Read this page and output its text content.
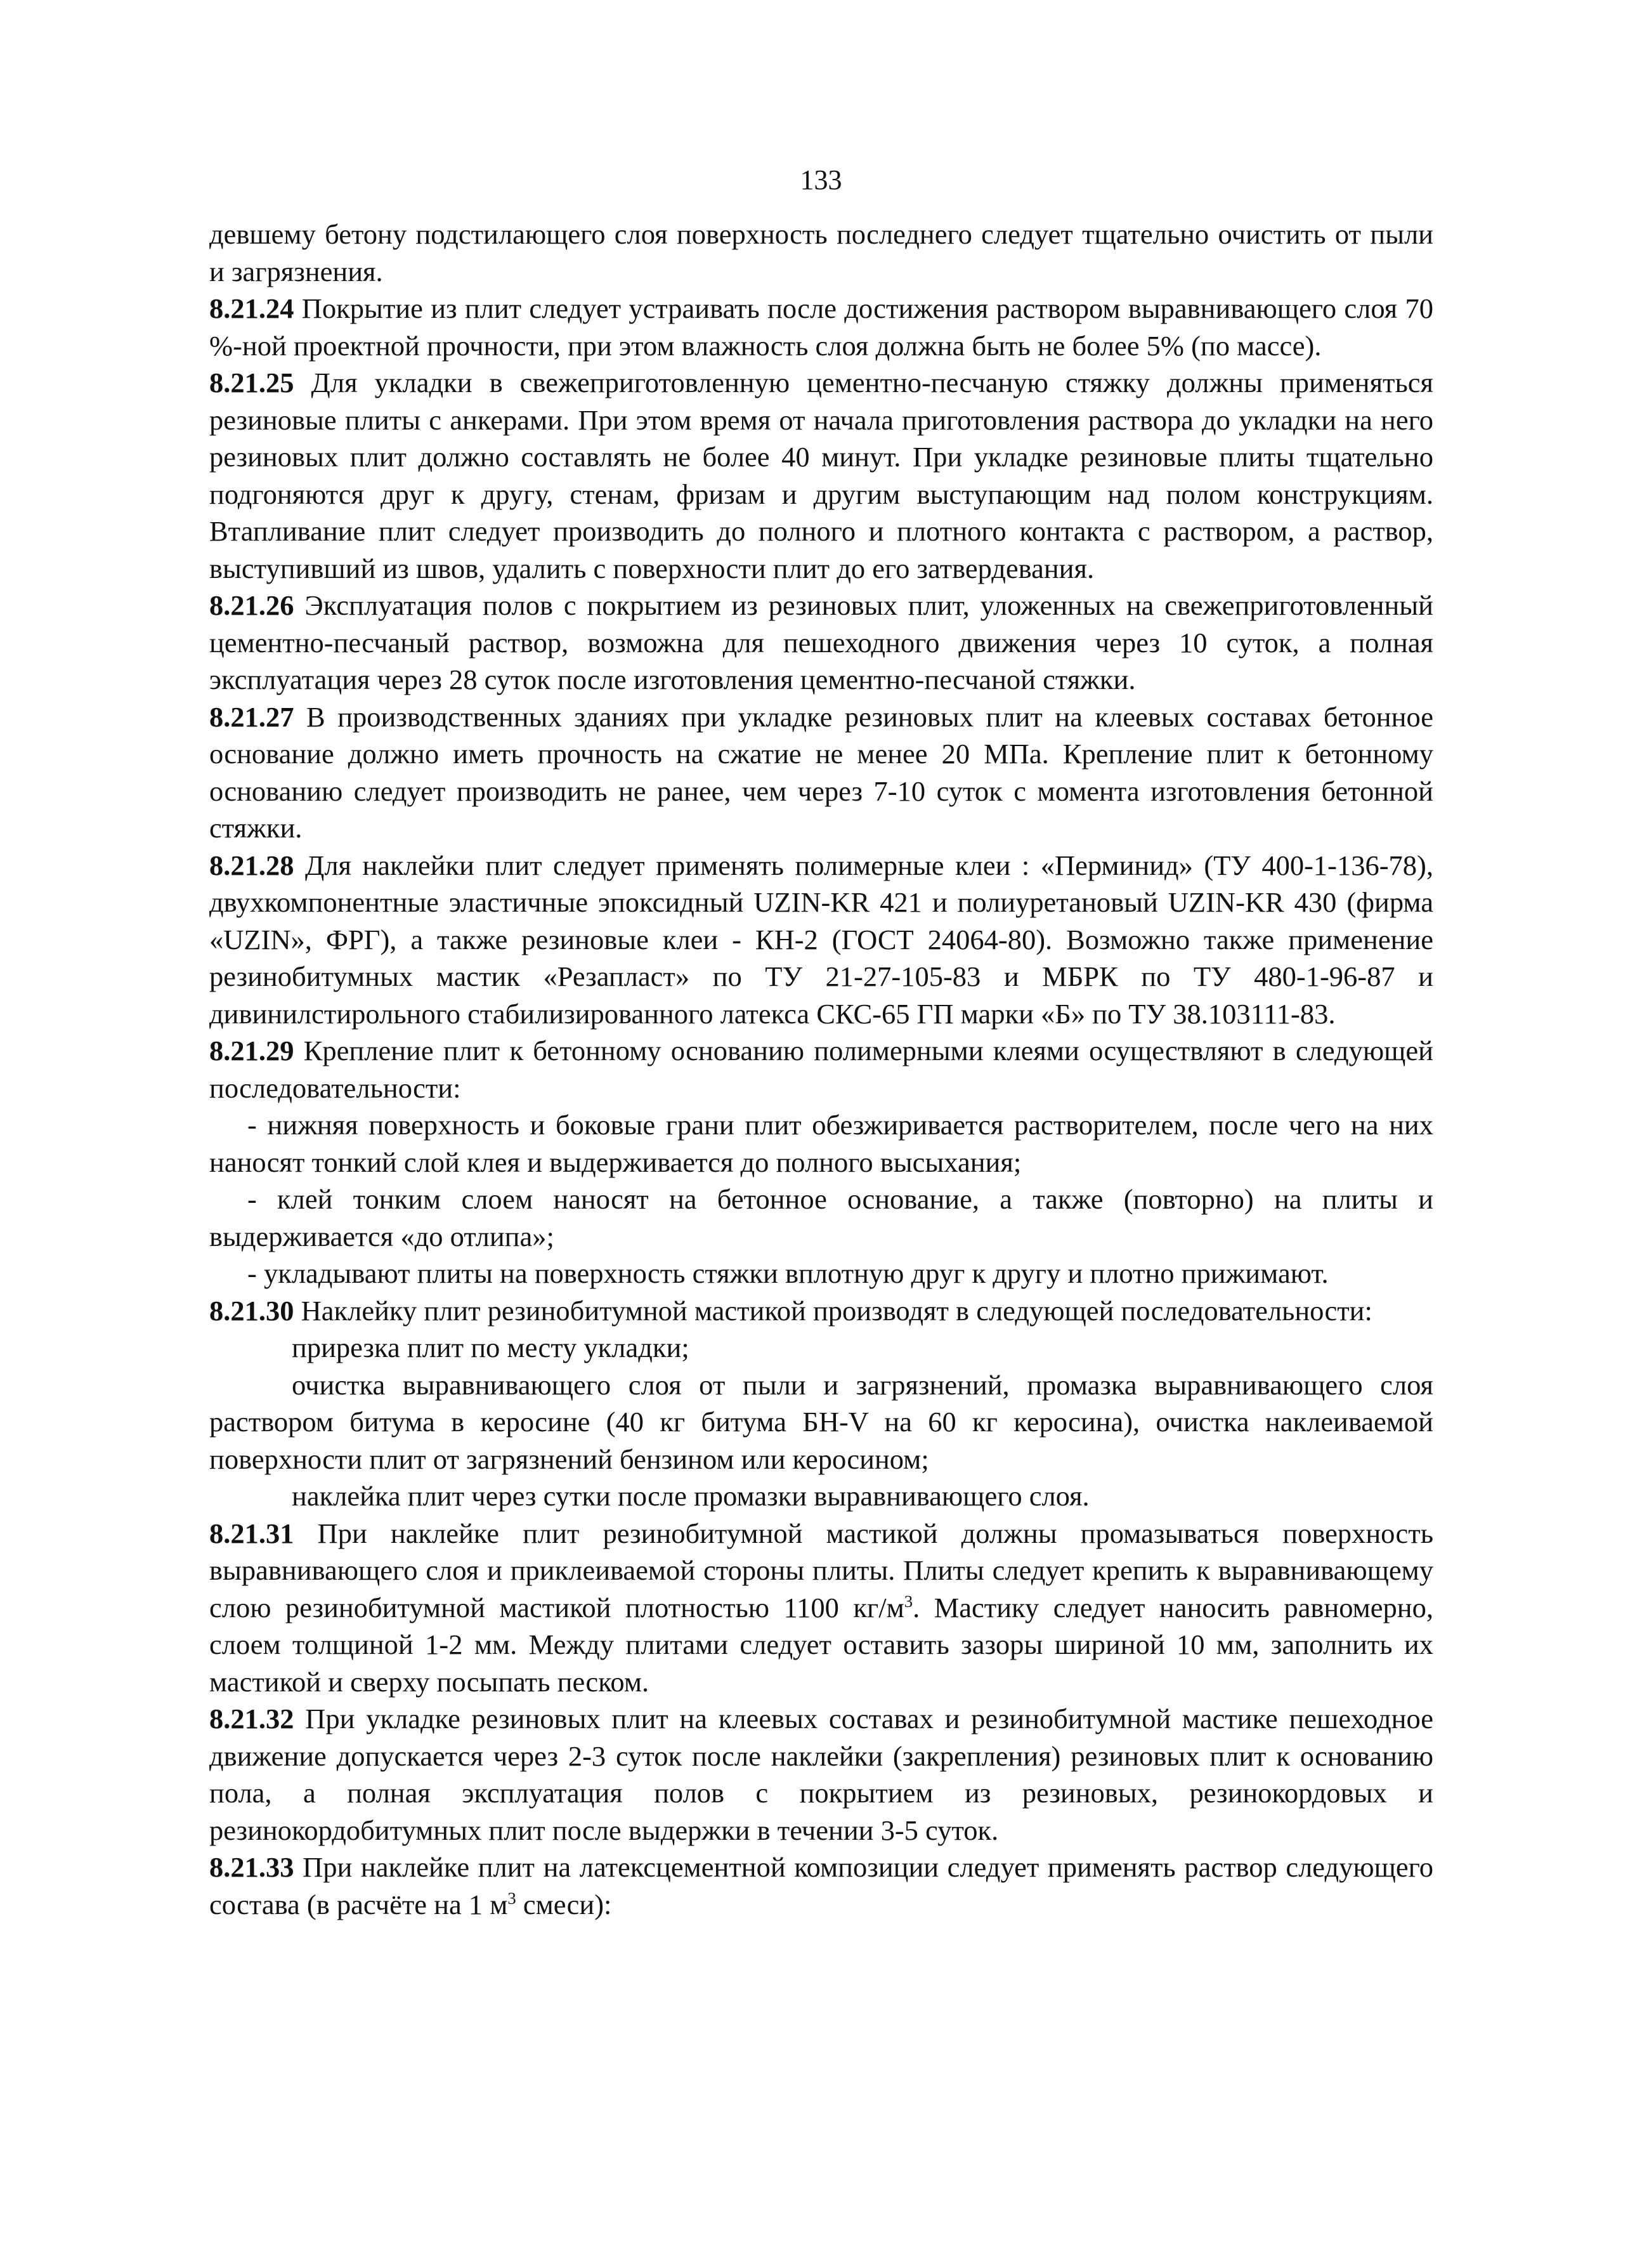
133

девшему бетону подстилающего слоя поверхность последнего следует тщательно очистить от пыли и загрязнения.

8.21.24 Покрытие из плит следует устраивать после достижения раствором выравнивающего слоя 70 %-ной проектной прочности, при этом влажность слоя должна быть не более 5% (по массе).

8.21.25 Для укладки в свежеприготовленную цементно-песчаную стяжку должны применяться резиновые плиты с анкерами. При этом время от начала приготовления раствора до укладки на него резиновых плит должно составлять не более 40 минут. При укладке резиновые плиты тщательно подгоняются друг к другу, стенам, фризам и другим выступающим над полом конструкциям. Втапливание плит следует производить до полного и плотного контакта с раствором, а раствор, выступивший из швов, удалить с поверхности плит до его затвердевания.

8.21.26 Эксплуатация полов с покрытием из резиновых плит, уложенных на свежеприготовленный цементно-песчаный раствор, возможна для пешеходного движения через 10 суток, а полная эксплуатация через 28 суток после изготовления цементно-песчаной стяжки.

8.21.27 В производственных зданиях при укладке резиновых плит на клеевых составах бетонное основание должно иметь прочность на сжатие не менее 20 МПа. Крепление плит к бетонному основанию следует производить не ранее, чем через 7-10 суток с момента изготовления бетонной стяжки.

8.21.28 Для наклейки плит следует применять полимерные клеи : «Перминид» (ТУ 400-1-136-78), двухкомпонентные эластичные эпоксидный UZIN-KR 421 и полиуретановый UZIN-KR 430 (фирма «UZIN», ФРГ), а также резиновые клеи - КН-2 (ГОСТ 24064-80). Возможно также применение резинобитумных мастик «Резапласт» по ТУ 21-27-105-83 и МБРК по ТУ 480-1-96-87 и дивинилстирольного стабилизированного латекса СКС-65 ГП марки «Б» по ТУ 38.103111-83.

8.21.29 Крепление плит к бетонному основанию полимерными клеями осуществляют в следующей последовательности:

- нижняя поверхность и боковые грани плит обезжиривается растворителем, после чего на них наносят тонкий слой клея и выдерживается до полного высыхания;

- клей тонким слоем наносят на бетонное основание, а также (повторно) на плиты и выдерживается «до отлипа»;

- укладывают плиты на поверхность стяжки вплотную друг к другу и плотно прижимают.

8.21.30 Наклейку плит резинобитумной мастикой производят в следующей последовательности:

прирезка плит по месту укладки;

очистка выравнивающего слоя от пыли и загрязнений, промазка выравнивающего слоя раствором битума в керосине (40 кг битума БН-V на 60 кг керосина), очистка наклеиваемой поверхности плит от загрязнений бензином или керосином;

наклейка плит через сутки после промазки выравнивающего слоя.

8.21.31 При наклейке плит резинобитумной мастикой должны промазываться поверхность выравнивающего слоя и приклеиваемой стороны плиты. Плиты следует крепить к выравнивающему слою резинобитумной мастикой плотностью 1100 $кг/м^3$. Мастику следует наносить равномерно, слоем толщиной 1-2 мм. Между плитами следует оставить зазоры шириной 10 мм, заполнить их мастикой и сверху посыпать песком.

8.21.32 При укладке резиновых плит на клеевых составах и резинобитумной мастике пешеходное движение допускается через 2-3 суток после наклейки (закрепления) резиновых плит к основанию пола, а полная эксплуатация полов с покрытием из резиновых, резинокордовых и резинокордобитумных плит после выдержки в течении 3-5 суток.

8.21.33 При наклейке плит на латексцементной композиции следует применять раствор следующего состава (в расчёте на 1 $м^3$ смеси):
